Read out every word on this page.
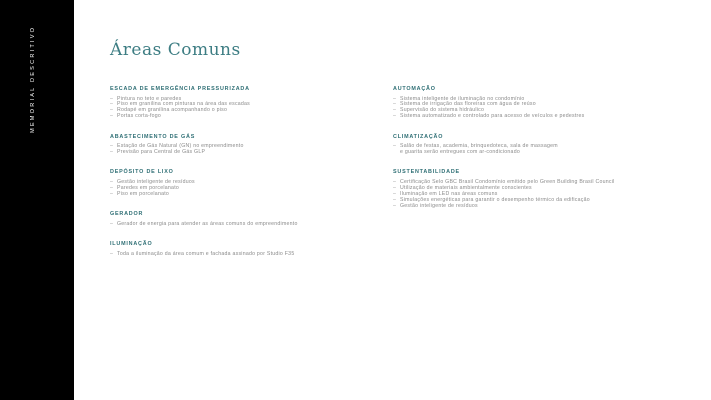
MEMORIAL DESCRITIVO	Áreas Comuns
ESCADA DE EMERGÊNCIA PRESSURIZADA
– Pintura no teto e paredes
– Piso em granilina com pinturas na área das escadas
– Rodapé em granilina acompanhando o piso
– Portas corta-fogo
ABASTECIMENTO DE GÁS
– Estação de Gás Natural (GN) no empreendimento
– Previsão para Central de Gás GLP
DEPÓSITO DE LIXO
– Gestão inteligente de resíduos
– Paredes em porcelanato
– Piso em porcelanato
GERADOR
– Gerador de energia para atender as áreas comuns do empreendimento
ILUMINAÇÃO
– Toda a iluminação da área comum e fachada assinado por Studio F35
AUTOMAÇÃO
– Sistema inteligente de iluminação no condomínio
– Sistema de irrigação das floreiras com água de reúso
– Supervisão do sistema hidráulico
– Sistema automatizado e controlado para acesso de veículos e pedestres
CLIMATIZAÇÃO
– Salão de festas, academia, brinquedoteca, sala de massagem
e guarita serão entregues com ar-condicionado
SUSTENTABILIDADE
– Certificação Selo GBC Brasil Condomínio emitido pelo Green Building Brasil Council
– Utilização de materiais ambientalmente conscientes
– Iluminação em LED nas áreas comuns
– Simulações energéticas para garantir o desempenho térmico da edificação
– Gestão inteligente de resíduos
